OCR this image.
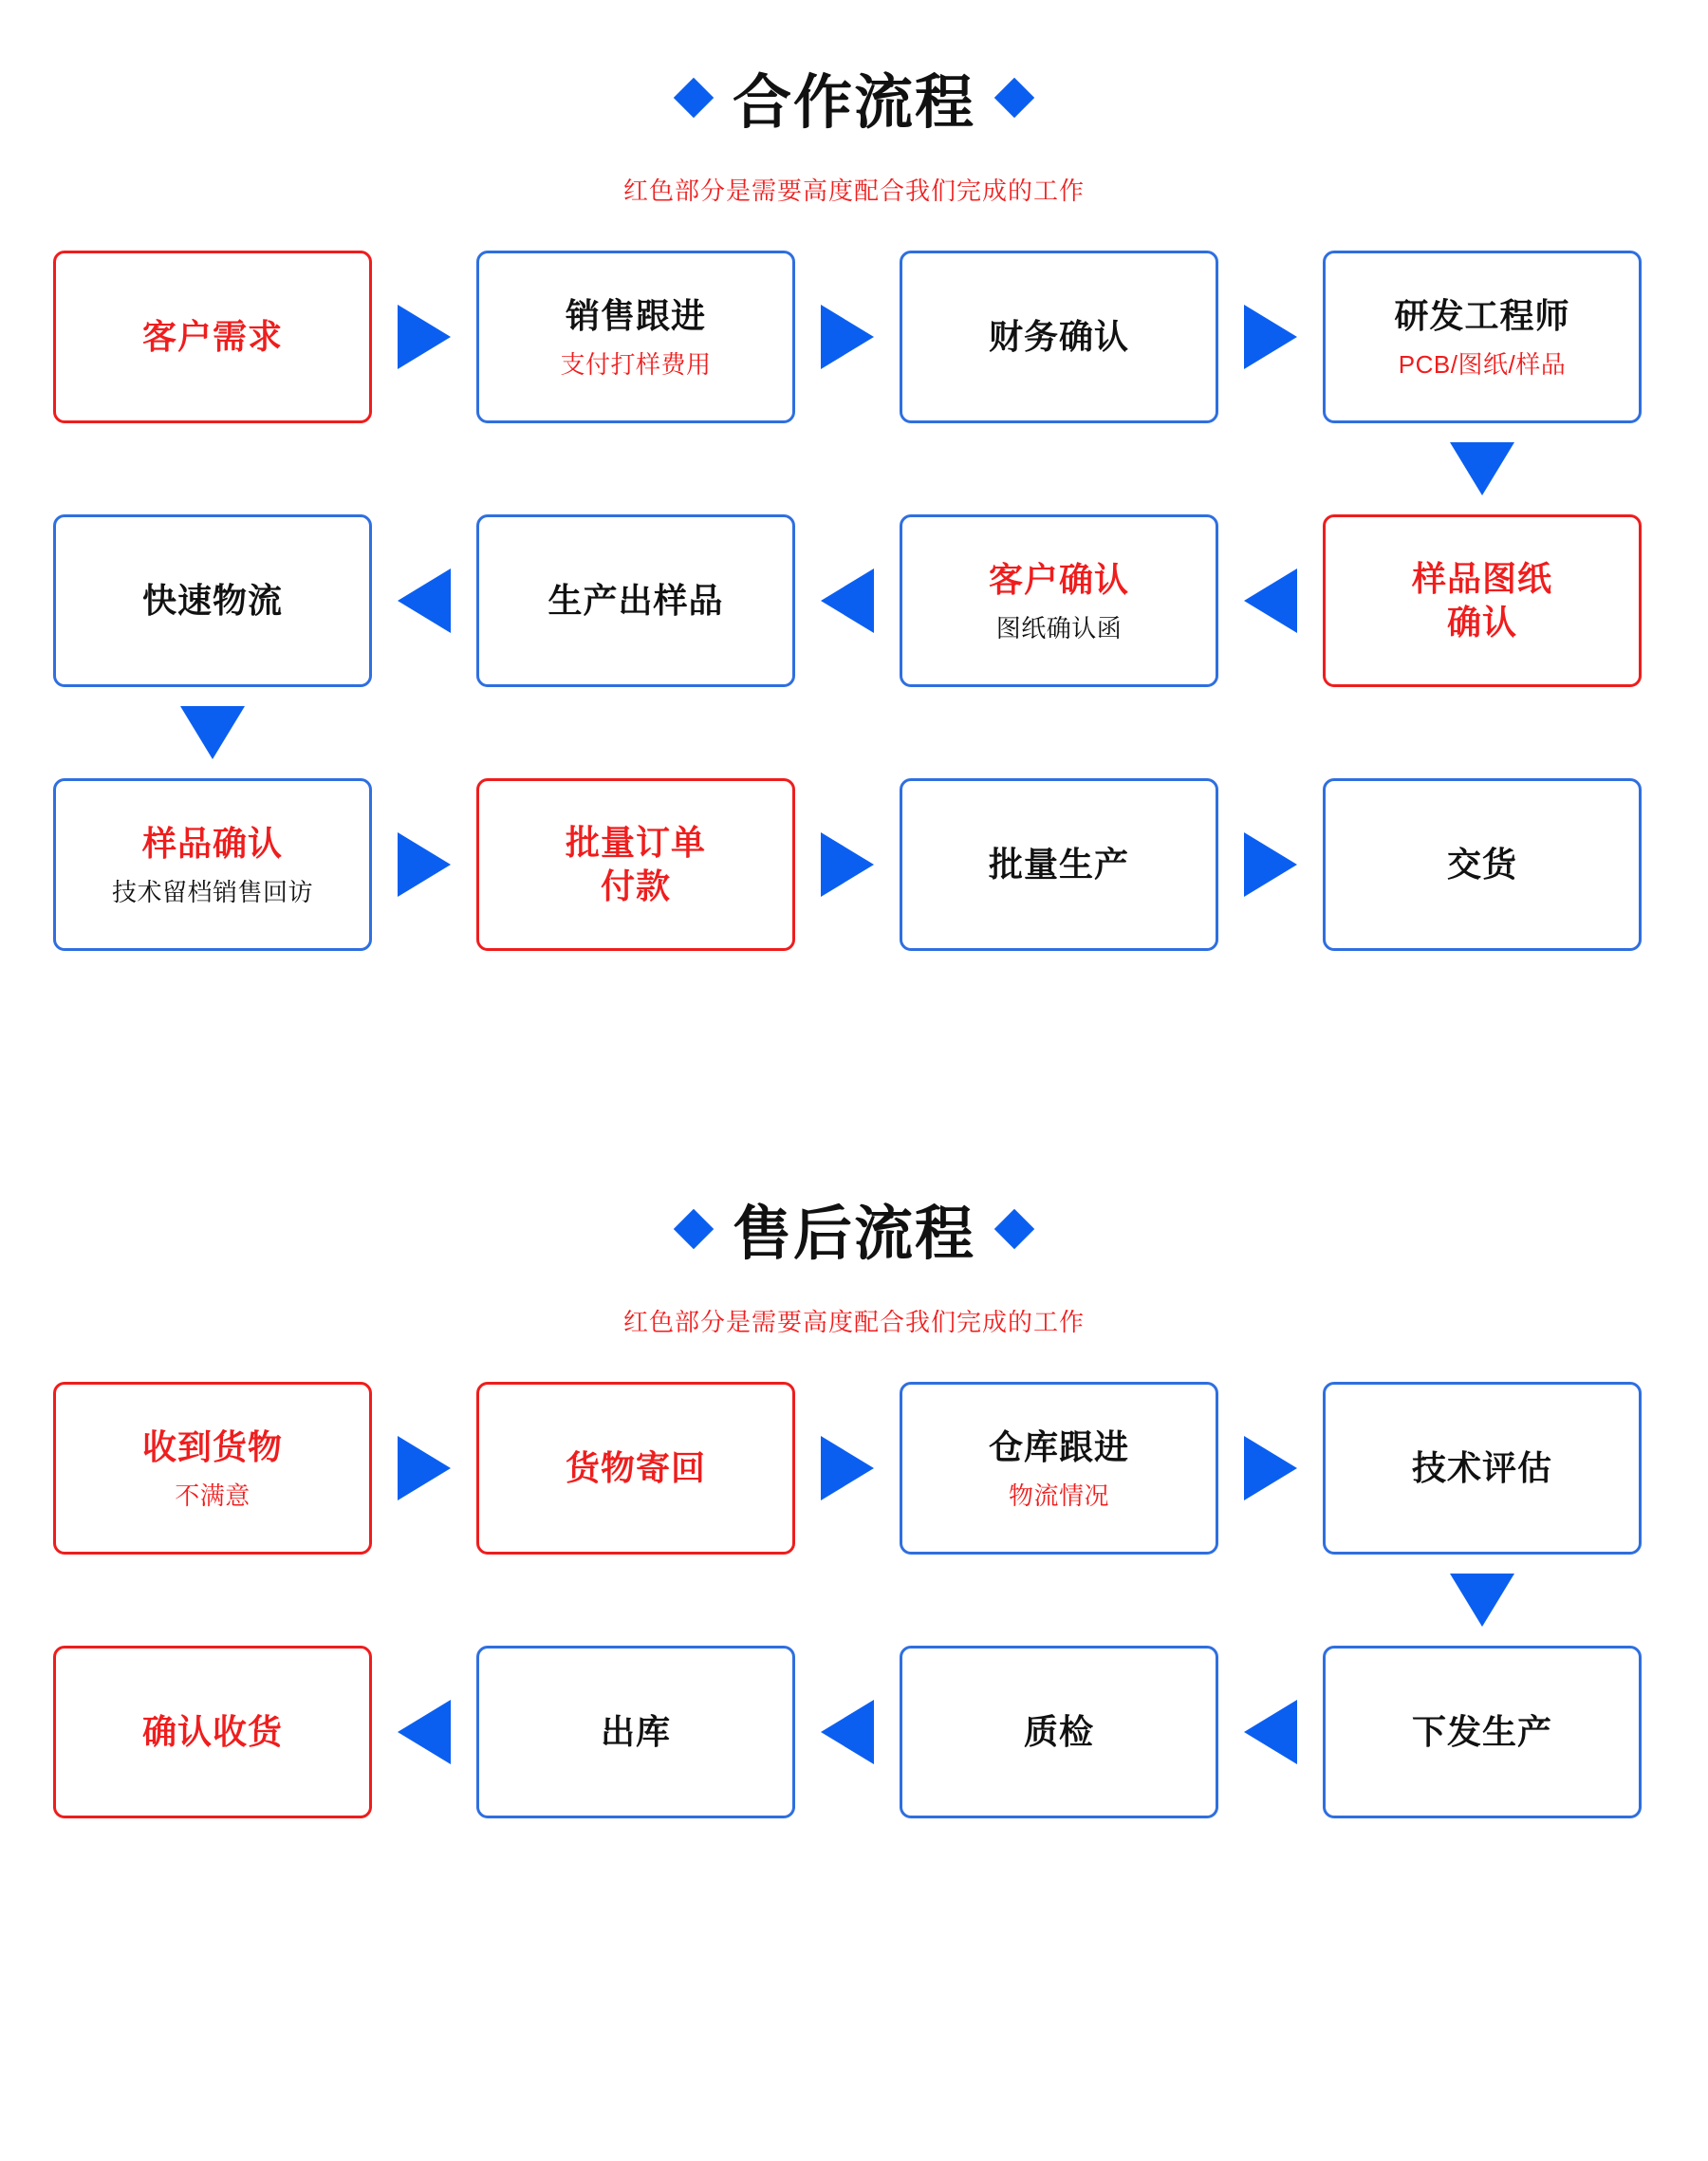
合作流程
红色部分是需要高度配合我们完成的工作
客户需求
销售跟进
支付打样费用
财务确认
研发工程师
PCB/图纸/样品
快速物流	生产出样品
客户确认
图纸确认函
样品图纸
确认
样品确认
技术留档销售回访
批量订单
付款
批量生产	交货
售后流程
红色部分是需要高度配合我们完成的工作
收到货物
不满意
货物寄回
仓库跟进
物流情况
技术评估
确认收货	出库	质检	下发生产
